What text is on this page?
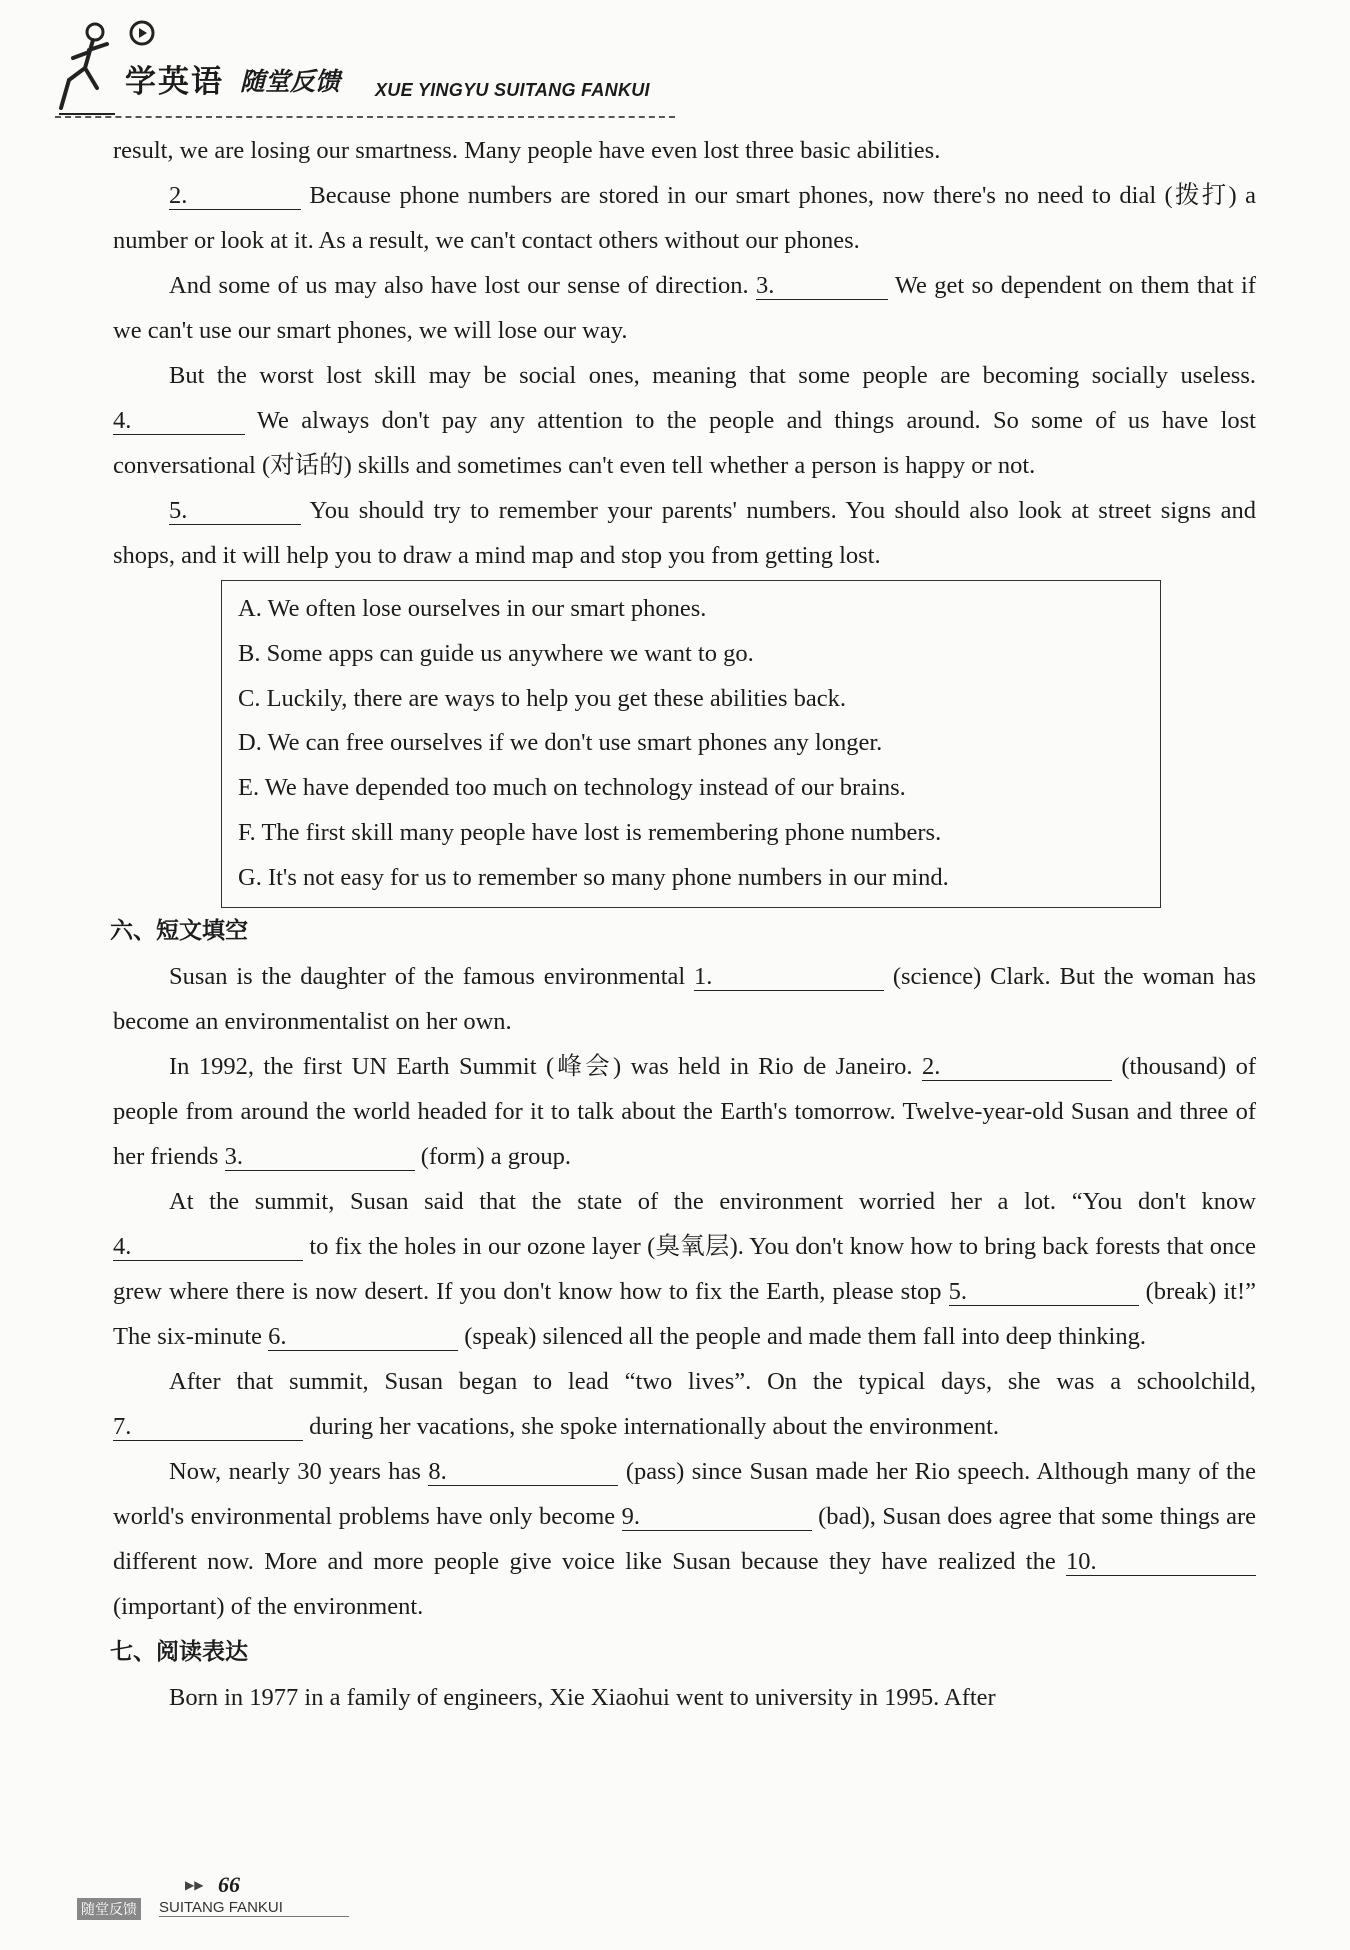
学英语 随堂反馈 XUE YINGYU SUITANG FANKUI

result, we are losing our smartness. Many people have even lost three basic abilities.

2.	Because phone numbers are stored in our smart phones, now there's no need to dial (拨打) a number or look at it. As a result, we can't contact others without our phones.

And some of us may also have lost our sense of direction. 3.	We get so dependent on them that if we can't use our smart phones, we will lose our way.

But the worst lost skill may be social ones, meaning that some people are becoming socially useless. 4.	We always don't pay any attention to the people and things around. So some of us have lost conversational (对话的) skills and sometimes can't even tell whether a person is happy or not.

5.	You should try to remember your parents' numbers. You should also look at street signs and shops, and it will help you to draw a mind map and stop you from getting lost.

A. We often lose ourselves in our smart phones.
B. Some apps can guide us anywhere we want to go.
C. Luckily, there are ways to help you get these abilities back.
D. We can free ourselves if we don't use smart phones any longer.
E. We have depended too much on technology instead of our brains.
F. The first skill many people have lost is remembering phone numbers.
G. It's not easy for us to remember so many phone numbers in our mind.
六、短文填空

Susan is the daughter of the famous environmental 1.	(science) Clark. But the woman has become an environmentalist on her own.

In 1992, the first UN Earth Summit (峰会) was held in Rio de Janeiro. 2.	(thousand) of people from around the world headed for it to talk about the Earth's tomorrow. Twelve-year-old Susan and three of her friends 3.	(form) a group.

At the summit, Susan said that the state of the environment worried her a lot. “You don't know 4.	to fix the holes in our ozone layer (臭氧层). You don't know how to bring back forests that once grew where there is now desert. If you don't know how to fix the Earth, please stop 5.	(break) it!” The six-minute 6.	(speak) silenced all the people and made them fall into deep thinking.

After that summit, Susan began to lead “two lives”. On the typical days, she was a schoolchild, 7.	during her vacations, she spoke internationally about the environment.

Now, nearly 30 years has 8.	(pass) since Susan made her Rio speech. Although many of the world's environmental problems have only become 9.	(bad), Susan does agree that some things are different now. More and more people give voice like Susan because they have realized the 10. (important) of the environment.

七、阅读表达

Born in 1977 in a family of engineers, Xie Xiaohui went to university in 1995. After

▶▶ 66
随堂反馈 SUITANG FANKUI
